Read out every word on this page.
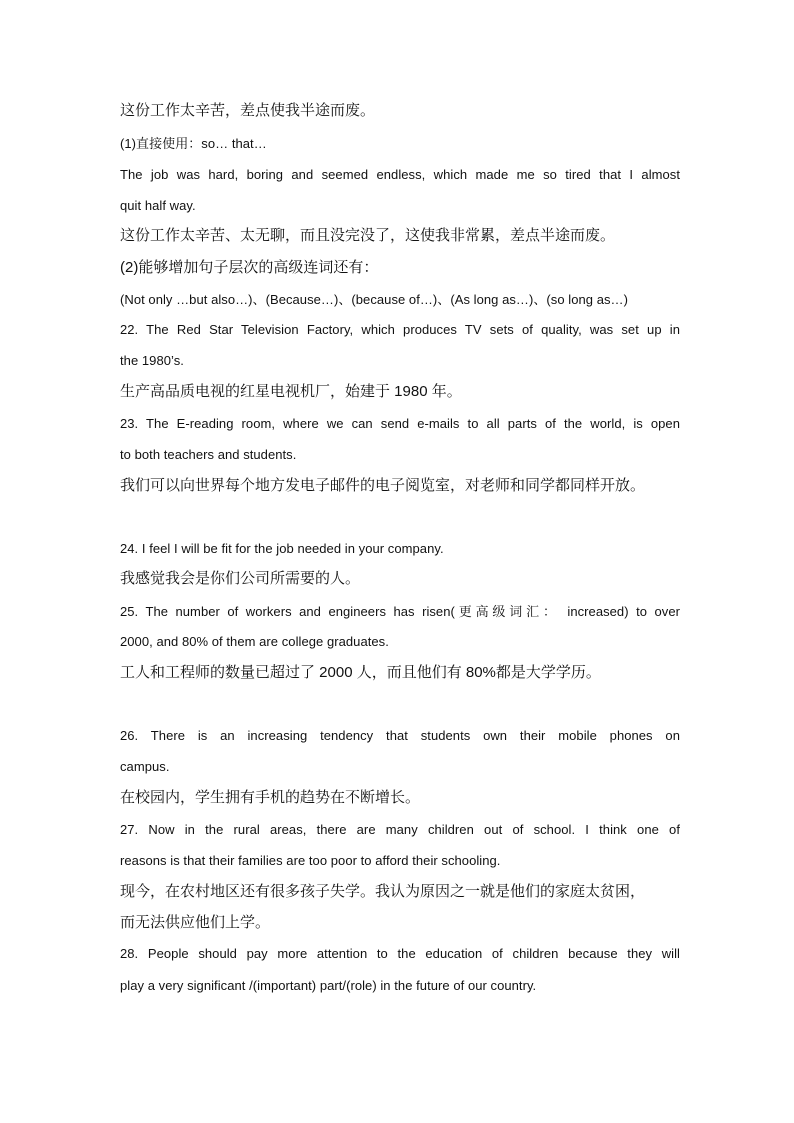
这份工作太辛苦，差点使我半途而废。
(1)直接使用：so… that…
The job was hard, boring and seemed endless, which made me so tired that I almost
quit half way.
这份工作太辛苦、太无聊，而且没完没了，这使我非常累，差点半途而废。
(2)能够增加句子层次的高级连词还有：
(Not only …but also…)、(Because…)、(because of…)、(As long as…)、(so long as…)
22. The Red Star Television Factory, which produces TV sets of quality, was set up in
the 1980’s.
生产高品质电视的红星电视机厂，始建于 1980 年。
23. The E-reading room, where we can send e-mails to all parts of the world, is open
to both teachers and students.
我们可以向世界每个地方发电子邮件的电子阅览室，对老师和同学都同样开放。
24. I feel I will be fit for the job needed in your company.
我感觉我会是你们公司所需要的人。
25. The number of workers and engineers has risen(更高级词汇： increased) to over
2000, and 80% of them are college graduates.
工人和工程师的数量已超过了 2000 人，而且他们有 80%都是大学学历。
26. There is an increasing tendency that students own their mobile phones on
campus.
在校园内，学生拥有手机的趋势在不断增长。
27. Now in the rural areas, there are many children out of school. I think one of
reasons is that their families are too poor to afford their schooling.
现今，在农村地区还有很多孩子失学。我认为原因之一就是他们的家庭太贫困，
而无法供应他们上学。
28. People should pay more attention to the education of children because they will
play a very significant /(important) part/(role) in the future of our country.
